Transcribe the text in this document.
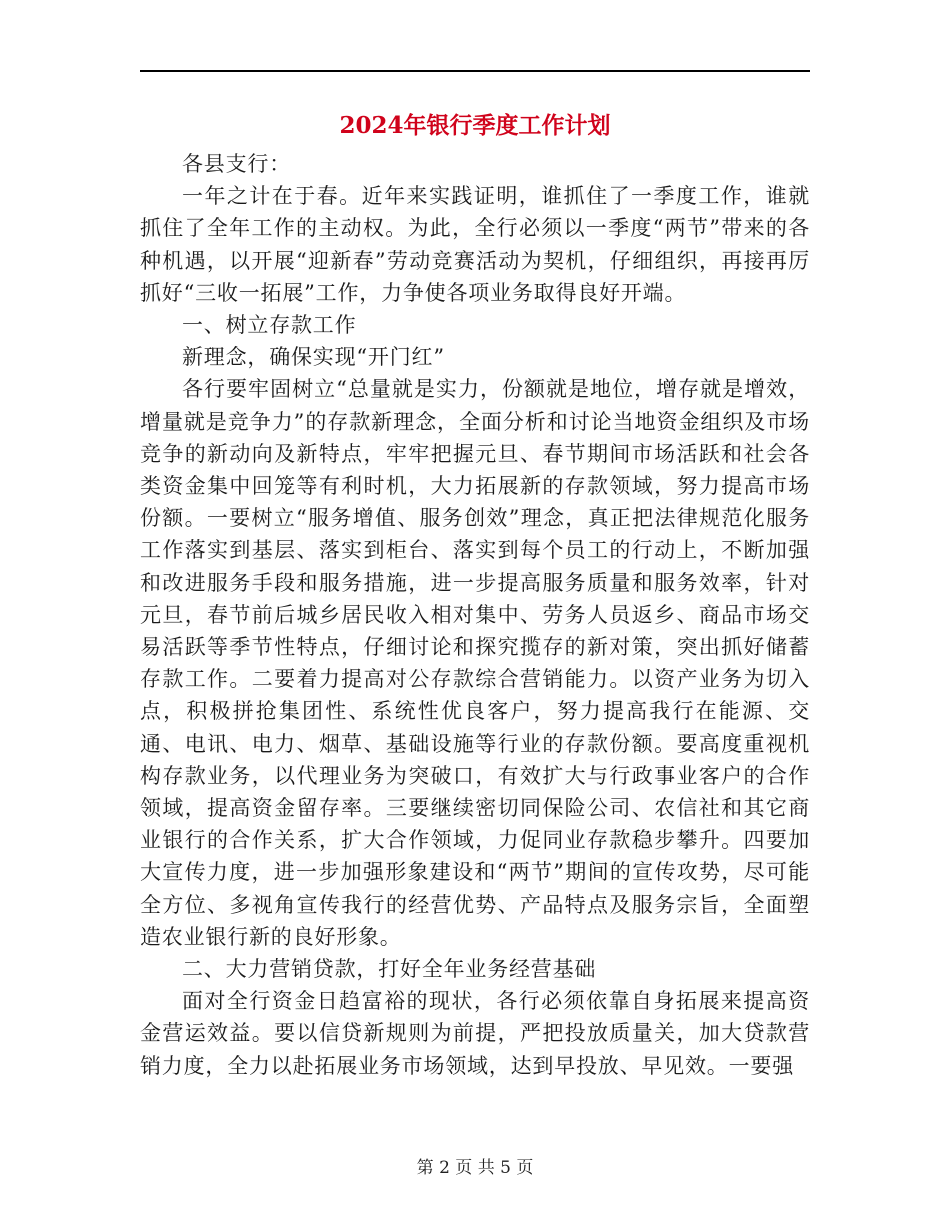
2024年银行季度工作计划

各县支行：

一年之计在于春。近年来实践证明，谁抓住了一季度工作，谁就抓住了全年工作的主动权。为此，全行必须以一季度“两节”带来的各种机遇，以开展“迎新春”劳动竞赛活动为契机，仔细组织，再接再厉抓好“三收一拓展”工作，力争使各项业务取得良好开端。

一、树立存款工作

新理念，确保实现“开门红”

各行要牢固树立“总量就是实力，份额就是地位，增存就是增效，增量就是竞争力”的存款新理念，全面分析和讨论当地资金组织及市场竞争的新动向及新特点，牢牢把握元旦、春节期间市场活跃和社会各类资金集中回笼等有利时机，大力拓展新的存款领域，努力提高市场份额。一要树立“服务增值、服务创效”理念，真正把法律规范化服务工作落实到基层、落实到柜台、落实到每个员工的行动上，不断加强和改进服务手段和服务措施，进一步提高服务质量和服务效率，针对元旦，春节前后城乡居民收入相对集中、劳务人员返乡、商品市场交易活跃等季节性特点，仔细讨论和探究揽存的新对策，突出抓好储蓄存款工作。二要着力提高对公存款综合营销能力。以资产业务为切入点，积极拼抢集团性、系统性优良客户，努力提高我行在能源、交通、电讯、电力、烟草、基础设施等行业的存款份额。要高度重视机构存款业务，以代理业务为突破口，有效扩大与行政事业客户的合作领域，提高资金留存率。三要继续密切同保险公司、农信社和其它商业银行的合作关系，扩大合作领域，力促同业存款稳步攀升。四要加大宣传力度，进一步加强形象建设和“两节”期间的宣传攻势，尽可能全方位、多视角宣传我行的经营优势、产品特点及服务宗旨，全面塑造农业银行新的良好形象。

二、大力营销贷款，打好全年业务经营基础

面对全行资金日趋富裕的现状，各行必须依靠自身拓展来提高资金营运效益。要以信贷新规则为前提，严把投放质量关，加大贷款营销力度，全力以赴拓展业务市场领域，达到早投放、早见效。一要强

第 2 页 共 5 页
